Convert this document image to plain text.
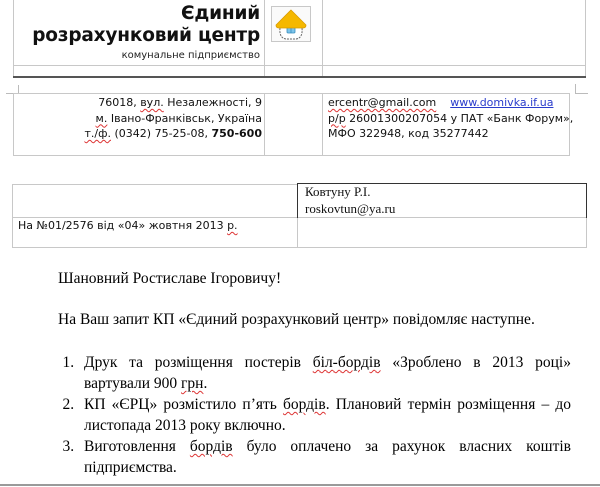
Єдиний
розрахунковий центр
комунальне підприємство
76018, вул. Незалежності, 9
м. Івано-Франківськ, Україна
т./ф. (0342) 75-25-08, 750-600
ercentr@gmail.com www.domivka.if.ua
р/р 26001300207054 у ПАТ «Банк Форум»,
МФО 322948, код 35277442
Ковтуну Р.І.
roskovtun@ya.ru
На №01/2576 від «04» жовтня 2013 р.
Шановний Ростиславе Ігоровичу!
На Ваш запит КП «Єдиний розрахунковий центр» повідомляє наступне.
1. Друк та розміщення постерів біл-бордів «Зроблено в 2013 році» вартували 900 грн.
2. КП «ЄРЦ» розмістило п’ять бордів. Плановий термін розміщення – до листопада 2013 року включно.
3. Виготовлення бордів було оплачено за рахунок власних коштів підприємства.
